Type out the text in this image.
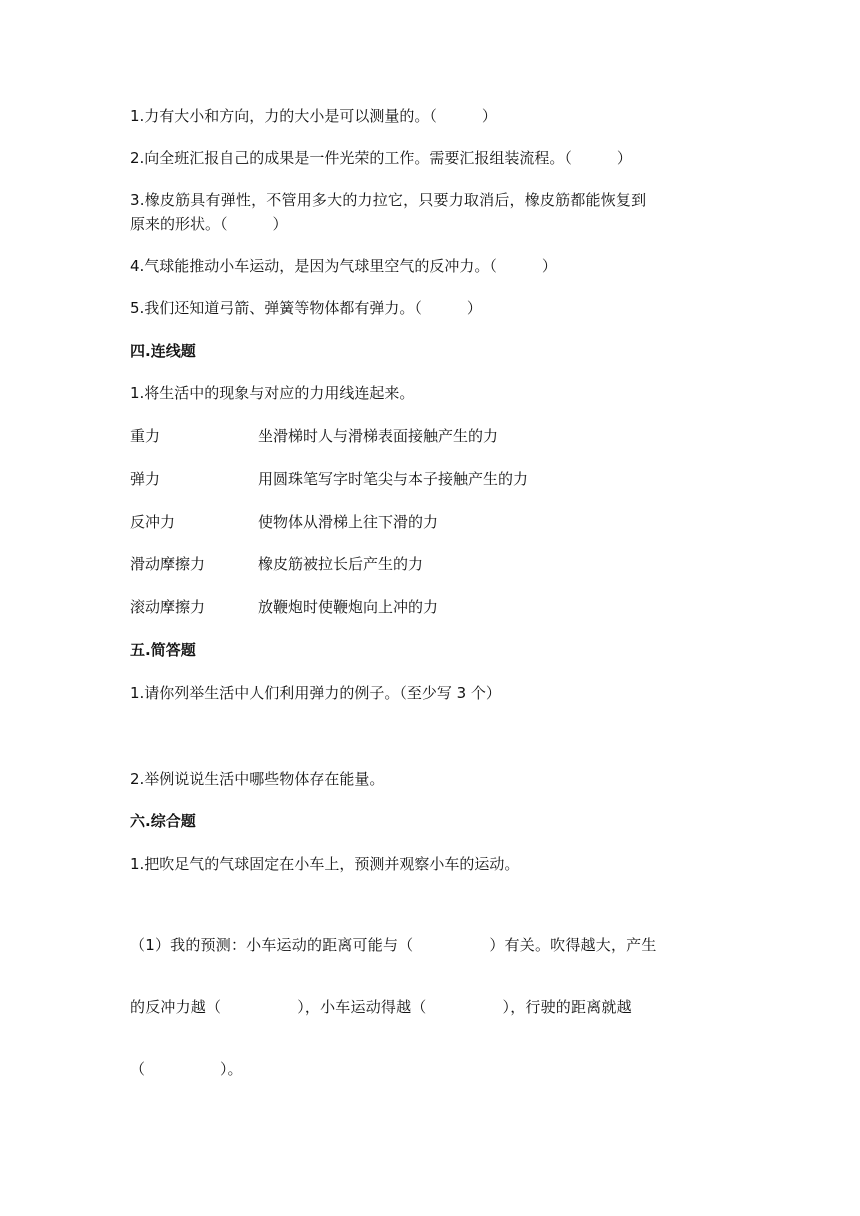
1.力有大小和方向，力的大小是可以测量的。（　　　）
2.向全班汇报自己的成果是一件光荣的工作。需要汇报组装流程。（　　　）
3.橡皮筋具有弹性，不管用多大的力拉它，只要力取消后，橡皮筋都能恢复到
原来的形状。（　　　）
4.气球能推动小车运动，是因为气球里空气的反冲力。（　　　）
5.我们还知道弓箭、弹簧等物体都有弹力。（　　　）
四.连线题
1.将生活中的现象与对应的力用线连起来。
重力	坐滑梯时人与滑梯表面接触产生的力
弹力	用圆珠笔写字时笔尖与本子接触产生的力
反冲力	使物体从滑梯上往下滑的力
滑动摩擦力	橡皮筋被拉长后产生的力
滚动摩擦力	放鞭炮时使鞭炮向上冲的力
五.简答题
1.请你列举生活中人们利用弹力的例子。（至少写 3 个）
2.举例说说生活中哪些物体存在能量。
六.综合题
1.把吹足气的气球固定在小车上，预测并观察小车的运动。
（1）我的预测：小车运动的距离可能与（　　　　　）有关。吹得越大，产生
的反冲力越（　　　　　），小车运动得越（　　　　　），行驶的距离就越
（　　　　　）。
